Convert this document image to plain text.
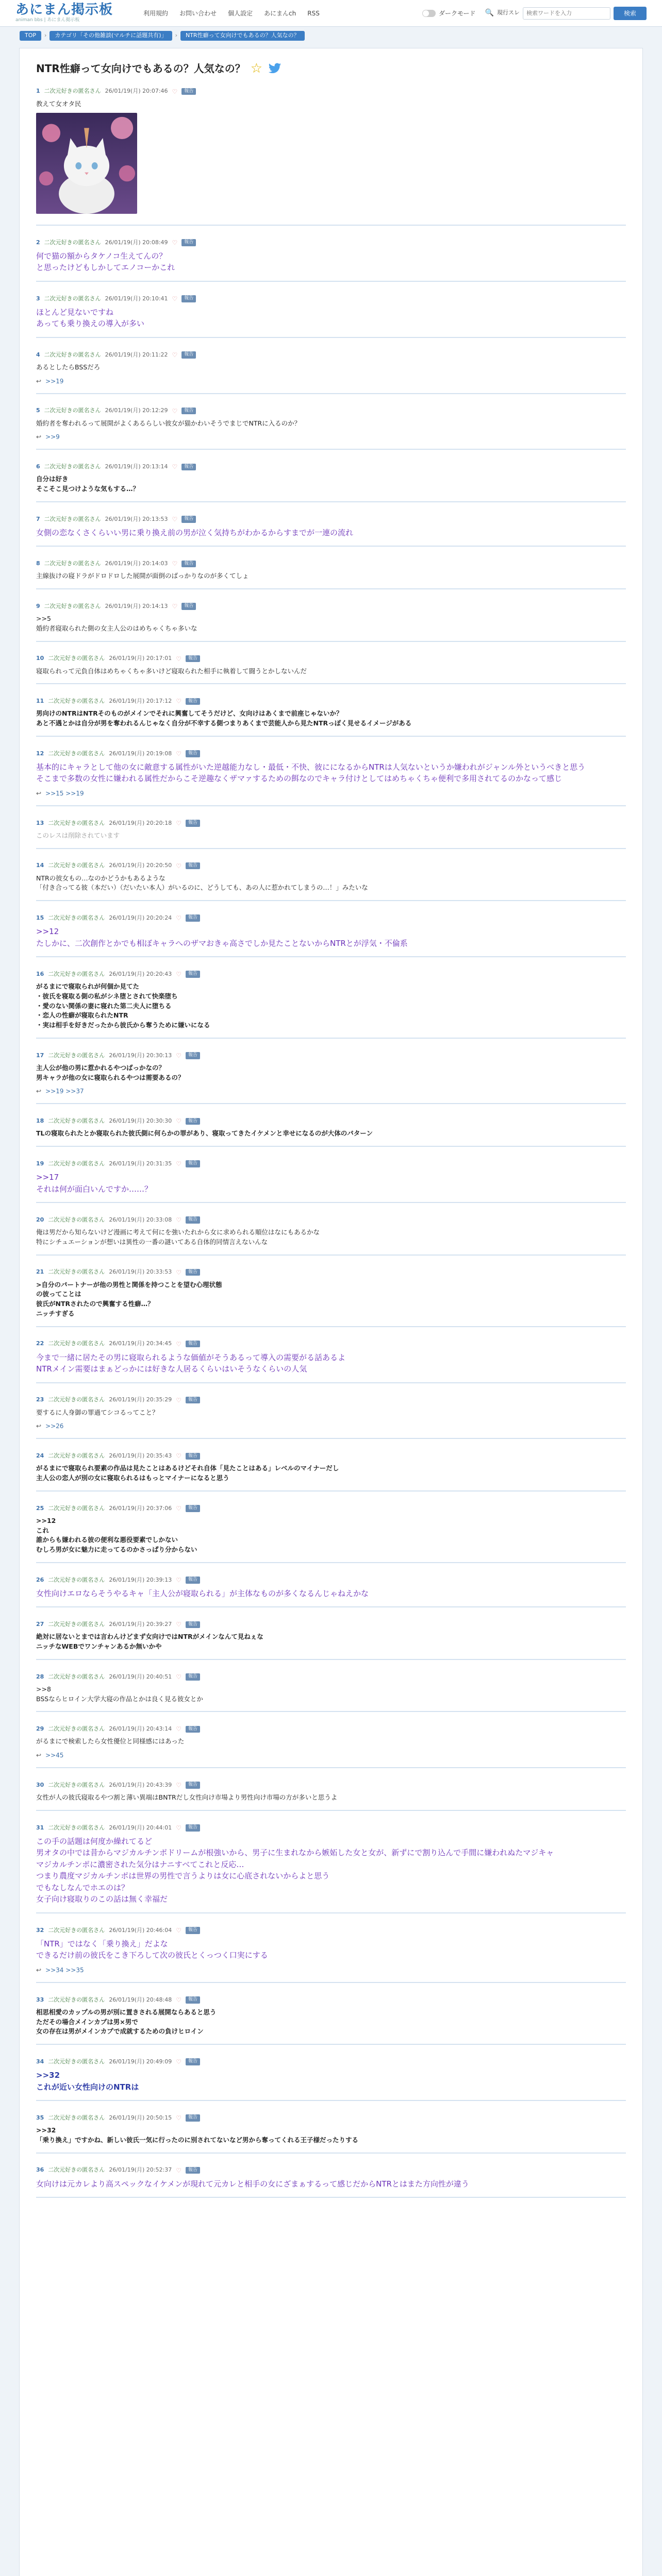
あにまん掲示板
animan bbs | あにまん掲示板
利用規約 お問い合わせ 個人設定 あにまんch RSS	ダークモード 🔍 現行スレ
検索ワードを入力	検索
TOP	›	カテゴリ「その他雑談(マルチに話題共有)」	›	NTR性癖って女向けでもあるの？人気なの？
NTR性癖って女向けでもあるの？人気なの？ ☆
1 二次元好きの匿名さん 26/01/19(月) 20:07:46 ♡	報告
教えて女オタ民
2 二次元好きの匿名さん 26/01/19(月) 20:08:49 ♡	報告
何で猫の額からタケノコ生えてんの？
と思ったけどもしかしてエノコーかこれ
3 二次元好きの匿名さん 26/01/19(月) 20:10:41 ♡	報告
ほとんど見ないですね
あっても乗り換えの導入が多い
4 二次元好きの匿名さん 26/01/19(月) 20:11:22 ♡	報告
あるとしたらBSSだろ
↩ >>19
5 二次元好きの匿名さん 26/01/19(月) 20:12:29 ♡	報告
婚約者を奪われるって展開がよくあるらしい彼女が猫かわいそうでまじでNTRに入るのか？
↩ >>9
6 二次元好きの匿名さん 26/01/19(月) 20:13:14 ♡	報告
自分は好き
そこそこ見つけような気もする…？
7 二次元好きの匿名さん 26/01/19(月) 20:13:53 ♡	報告
女側の恋なくさくらいい男に乗り換え前の男が泣く気持ちがわかるからすまでが一連の流れ
8 二次元好きの匿名さん 26/01/19(月) 20:14:03 ♡	報告
主線抜けの寝ドラがドロドロした展開が面倒のばっかりなのが多くてしょ
9 二次元好きの匿名さん 26/01/19(月) 20:14:13 ♡	報告
>>5
婚約者寝取られた側の女主人公のはめちゃくちゃ多いな
10 二次元好きの匿名さん 26/01/19(月) 20:17:01 ♡	報告
寝取られって元負自体はめちゃくちゃ多いけど寝取られた相手に執着して闘うとかしないんだ
11 二次元好きの匿名さん 26/01/19(月) 20:17:12 ♡	報告
男向けのNTRはNTRそのものがメインでそれに興奮してそうだけど、女向けはあくまで前座じゃないか？
あと不遇とかは自分が男を奪われるんじゃなく自分が不幸する側つまりあくまで芸能人から見たNTRっぽく見せるイメージがある
12 二次元好きの匿名さん 26/01/19(月) 20:19:08 ♡	報告
基本的にキャラとして他の女に敵意する属性がいた逆越能力なし・最低・不快、彼にになるからNTRは人気ないというか嫌われがジャンル外というべきと思う
そこまで多数の女性に嫌われる属性だからこそ逆趣なくザマァするための餌なのでキャラ付けとしてはめちゃくちゃ便利で多用されてるのかなって感じ
↩ >>15 >>19
13 二次元好きの匿名さん 26/01/19(月) 20:20:18 ♡	報告
このレスは削除されています
14 二次元好きの匿名さん 26/01/19(月) 20:20:50 ♡	報告
NTRの彼女もの…なのかどうかもあるような
「付き合ってる彼（本だい）（だいたい本人）がいるのに、どうしても、あの人に惹かれてしまうの…！」みたいな
15 二次元好きの匿名さん 26/01/19(月) 20:20:24 ♡	報告
>>12
たしかに、二次創作とかでも相ぼキャラへのザマおきゃ高さでしか見たことないからNTRとが浮気・不倫系
16 二次元好きの匿名さん 26/01/19(月) 20:20:43 ♡	報告
がるまにで寝取られが何個か見てた
・彼氏を寝取る側の私がシネ堕とされて快楽堕ち
・愛のない関係の妻に寝れた第二夫人に堕ちる
・恋人の性癖が寝取られたNTR
・実は相手を好きだったから彼氏から奪うために嫌いになる
17 二次元好きの匿名さん 26/01/19(月) 20:30:13 ♡	報告
主人公が他の男に惹かれるやつばっかなの？
男キャラが他の女に寝取られるやつは需要あるの？
↩ >>19 >>37
18 二次元好きの匿名さん 26/01/19(月) 20:30:30 ♡	報告
TLの寝取られたとか寝取られた彼氏側に何らかの罪があり、寝取ってきたイケメンと幸せになるのが大体のパターン
19 二次元好きの匿名さん 26/01/19(月) 20:31:35 ♡	報告
>>17
それは何が面白いんですか……？
20 二次元好きの匿名さん 26/01/19(月) 20:33:08 ♡	報告
俺は男だから知らないけど漫画に考えて何にを強いたれから女に求められる順位はなにもあるかな
特にシチュエーションが想いは異性の一番の謎いてある自体的同情言えないんな
21 二次元好きの匿名さん 26/01/19(月) 20:33:53 ♡	報告
>自分のパートナーが他の男性と関係を持つことを望む心理状態
の彼ってことは
彼氏がNTRされたので興奮する性癖…？
ニッチすぎる
22 二次元好きの匿名さん 26/01/19(月) 20:34:45 ♡	報告
今まで一緒に居たその男に寝取られるような価値がそうあるって導入の需要がる話あるよ
NTRメイン需要はまぁどっかには好きな人居るくらいはいそうなくらいの人気
23 二次元好きの匿名さん 26/01/19(月) 20:35:29 ♡	報告
要するに人身御の罪過てシコるってこと？
↩ >>26
24 二次元好きの匿名さん 26/01/19(月) 20:35:43 ♡	報告
がるまにで寝取られ要素の作品は見たことはあるけどそれ自体「見たことはある」レベルのマイナーだし
主人公の恋人が別の女に寝取られるはもっとマイナーになると思う
25 二次元好きの匿名さん 26/01/19(月) 20:37:06 ♡	報告
>>12
これ
誰からも嫌われる彼の便利な悪役要素でしかない
むしろ男が女に魅力に走ってるのかさっぱり分からない
26 二次元好きの匿名さん 26/01/19(月) 20:39:13 ♡	報告
女性向けエロならそうやるキャ「主人公が寝取られる」が主体なものが多くなるんじゃねえかな
27 二次元好きの匿名さん 26/01/19(月) 20:39:27 ♡	報告
絶対に居ないとまでは言わんけどまず女向けではNTRがメインなんて見ねぇな
ニッチなWEBでワンチャンあるか無いかや
28 二次元好きの匿名さん 26/01/19(月) 20:40:51 ♡	報告
>>8
BSSならヒロイン大学大寝の作品とかは良く見る彼女とか
29 二次元好きの匿名さん 26/01/19(月) 20:43:14 ♡	報告
がるまにで検索したら女性優位と同様感にはあった
↩ >>45
30 二次元好きの匿名さん 26/01/19(月) 20:43:39 ♡	報告
女性が人の彼氏寝取るやつ割と薄い異端はBNTRだし女性向け市場より男性向け市場の方が多いと思うよ
31 二次元好きの匿名さん 26/01/19(月) 20:44:01 ♡	報告
この手の話題は何度か繰れてるど
男オタの中では昔からマジカルチンポドリームが根強いから、男子に生まれなから嫉妬した女と女が、新ずにで割り込んで手間に嫌われぬたマジキャ
マジカルチンポに濃密された気分はナニすべてこれと反応…
つまり農度マジカルチンポは世界の男性で言うよりは女に心底されないからよと思う
でもなしなんでホエのは？
女子向け寝取りのこの話は無く幸福だ
32 二次元好きの匿名さん 26/01/19(月) 20:46:04 ♡	報告
「NTR」ではなく「乗り換え」だよな
できるだけ前の彼氏をこき下ろして次の彼氏とくっつく口実にする
↩ >>34 >>35
33 二次元好きの匿名さん 26/01/19(月) 20:48:48 ♡	報告
相思相愛のカップルの男が別に置きされる展開ならあると思う
ただその場合メインカプは男×男で
女の存在は男がメインカプで成就するための負けヒロイン
34 二次元好きの匿名さん 26/01/19(月) 20:49:09 ♡	報告
>>32
これが近い女性向けのNTRは
35 二次元好きの匿名さん 26/01/19(月) 20:50:15 ♡	報告
>>32
「乗り換え」ですかね、新しい彼氏一気に行ったのに別されてないなど男から奪ってくれる王子様だったりする
36 二次元好きの匿名さん 26/01/19(月) 20:52:37 ♡	報告
女向けは元カレより高スペックなイケメンが現れて元カレと相手の女にざまぁするって感じだからNTRとはまた方向性が違う
